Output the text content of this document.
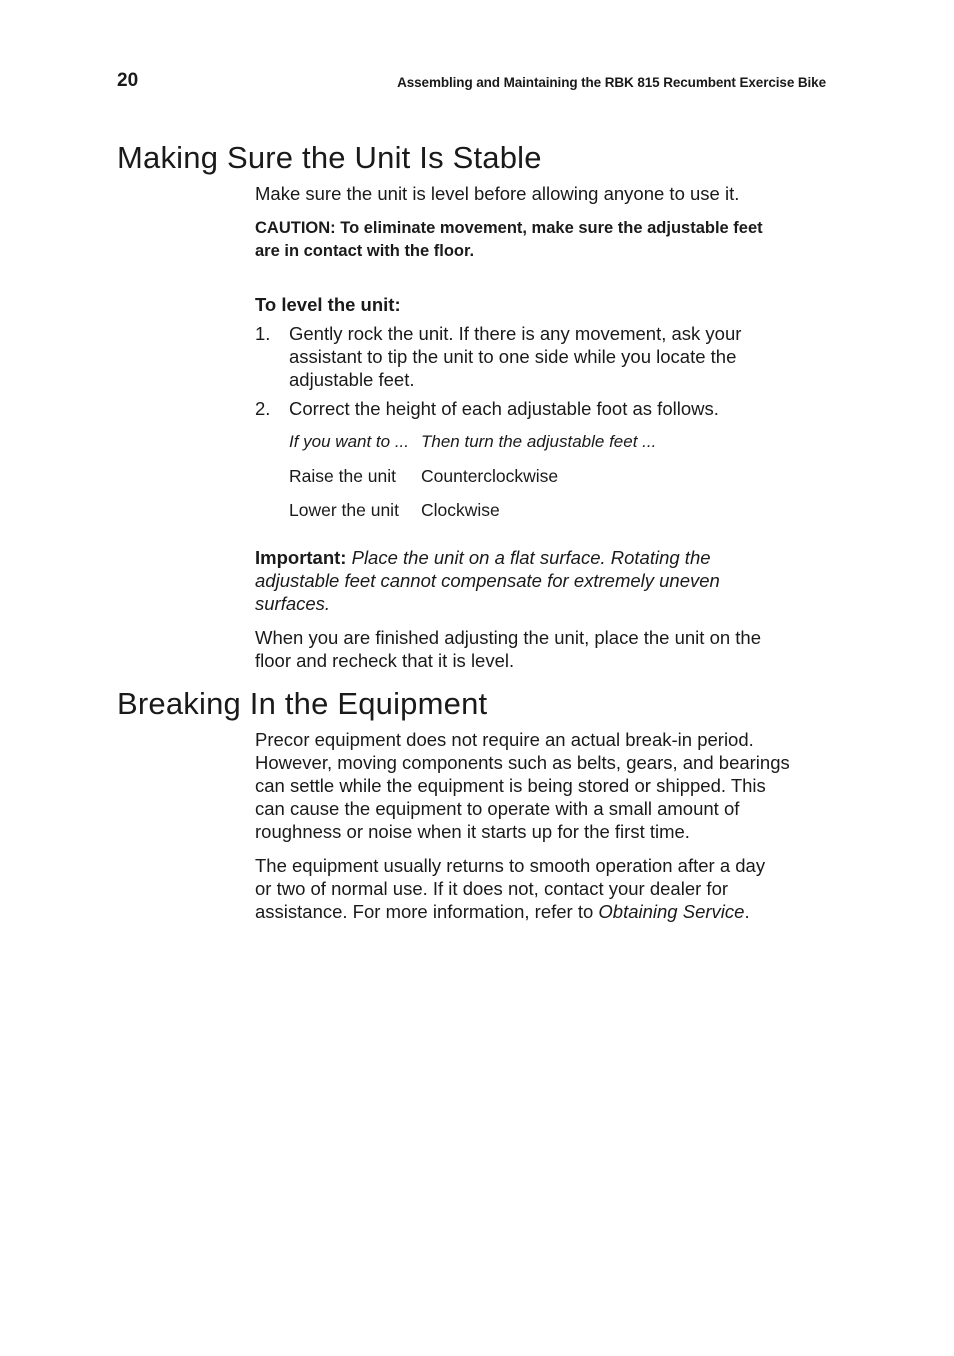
20	Assembling and Maintaining the RBK 815 Recumbent Exercise Bike
Making Sure the Unit Is Stable

Make sure the unit is level before allowing anyone to use it.

CAUTION: To eliminate movement, make sure the adjustable feet
are in contact with the floor.

To level the unit:

1.	Gently rock the unit. If there is any movement, ask your assistant to tip the unit to one side while you locate the adjustable feet.
2.	Correct the height of each adjustable foot as follows.
If you want to ...	Then turn the adjustable feet ...
Raise the unit	Counterclockwise
Lower the unit	Clockwise

Important: Place the unit on a flat surface. Rotating the adjustable feet cannot compensate for extremely uneven surfaces.

When you are finished adjusting the unit, place the unit on the floor and recheck that it is level.

Breaking In the Equipment

Precor equipment does not require an actual break-in period. However, moving components such as belts, gears, and bearings can settle while the equipment is being stored or shipped. This can cause the equipment to operate with a small amount of roughness or noise when it starts up for the first time.

The equipment usually returns to smooth operation after a day or two of normal use. If it does not, contact your dealer for assistance. For more information, refer to Obtaining Service.
